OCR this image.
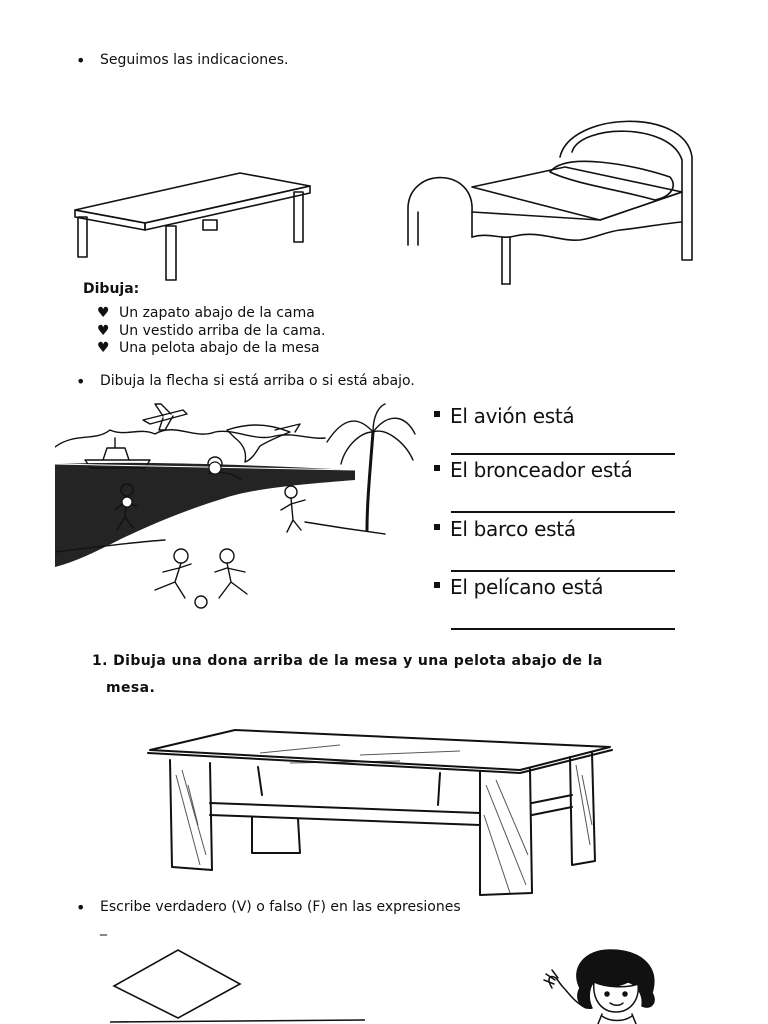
• Seguimos las indicaciones.
Dibuja:
♥ Un zapato abajo de la cama
♥ Un vestido arriba de la cama.
♥ Una pelota abajo de la mesa
• Dibuja la flecha si está arriba o si está abajo.
El avión está
El bronceador está
El barco está
El pelícano está
1. Dibuja una dona arriba de la mesa y una pelota abajo de la
mesa.
• Escribe verdadero (V) o falso (F) en las expresiones
_
